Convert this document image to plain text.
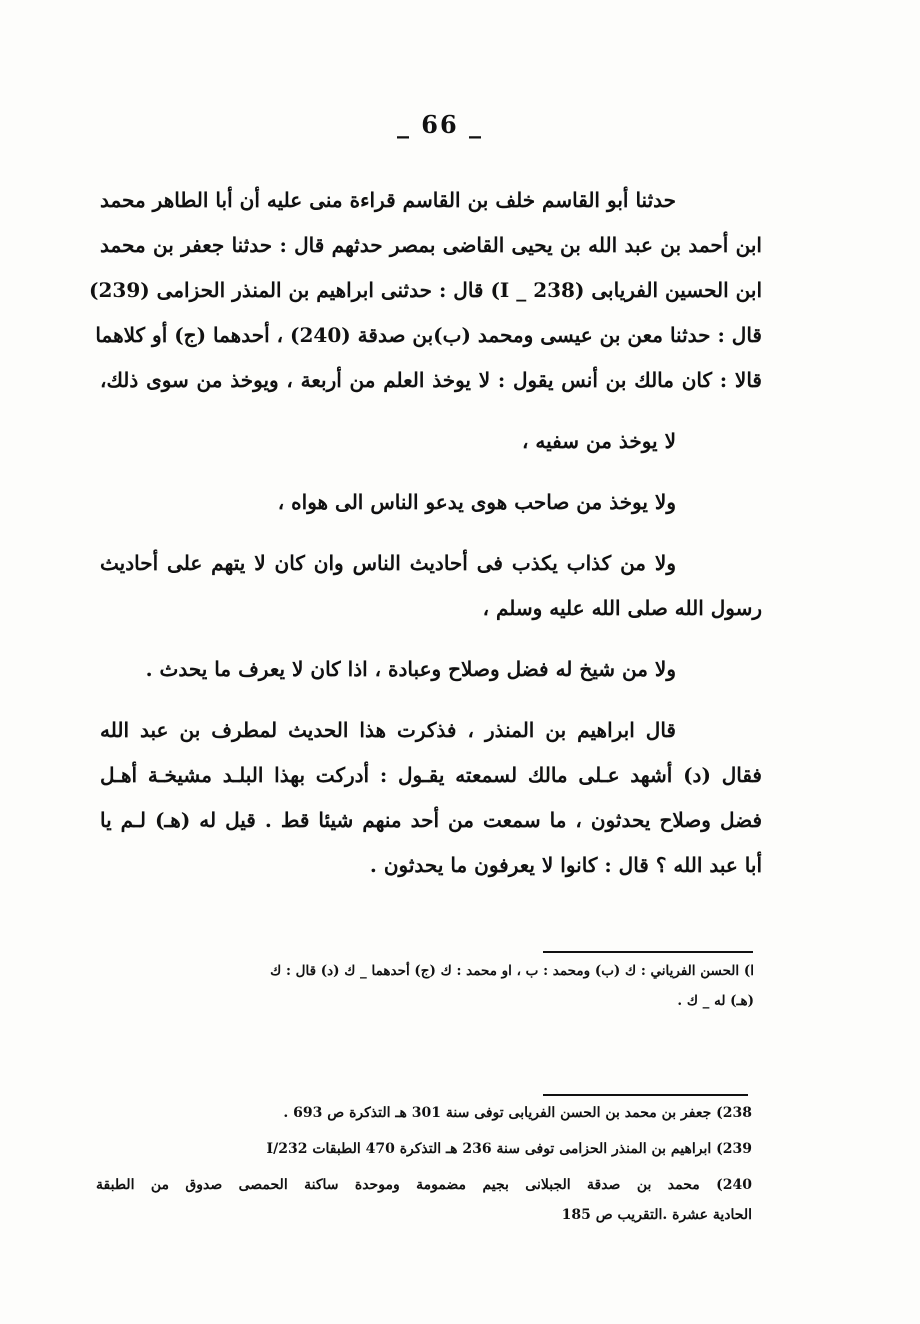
_ 66 _
حدثنا أبو القاسم خلف بن القاسم قراءة منى عليه أن أبا الطاهر محمد
ابن أحمد بن عبد الله بن يحيى القاضى بمصر حدثهم قال : حدثنا جعفر بن محمد
ابن الحسين الفريابى (I _ 238) قال : حدثنى ابراهيم بن المنذر الحزامى (239)
قال : حدثنا معن بن عيسى ومحمد (ب)بن صدقة (240) ، أحدهما (ج) أو كلاهما
قالا : كان مالك بن أنس يقول : لا يوخذ العلم من أربعة ، ويوخذ من سوى ذلك،
لا يوخذ من سفيه ،
ولا يوخذ من صاحب هوى يدعو الناس الى هواه ،
ولا من كذاب يكذب فى أحاديث الناس وان كان لا يتهم على أحاديث
رسول الله صلى الله عليه وسلم ،
ولا من شيخ له فضل وصلاح وعبادة ، اذا كان لا يعرف ما يحدث .
قال ابراهيم بن المنذر ، فذكرت هذا الحديث لمطرف بن عبد الله
فقال (د) أشهد عـلى مالك لسمعته يقـول : أدركت بهذا البلـد مشيخـة أهـل
فضل وصلاح يحدثون ، ما سمعت من أحد منهم شيئا قط . قيل له (هـ) لـم يا
أبا عبد الله ؟ قال : كانوا لا يعرفون ما يحدثون .
ا) الحسن الفرياني : ك (ب) ومحمد : ب ، او محمد : ك (ج) أحدهما _ ك (د) قال : ك
(هـ) له _ ك .
238) جعفر بن محمد بن الحسن الفريابى توفى سنة 301 هـ التذكرة ص 693 .
239) ابراهيم بن المنذر الحزامى توفى سنة 236 هـ التذكرة 470 الطبقات 232/I
240) محمد بن صدقة الجبلانى بجيم مضمومة وموحدة ساكنة الحمصى صدوق من الطبقة
الحادية عشرة .التقريب ص 185
